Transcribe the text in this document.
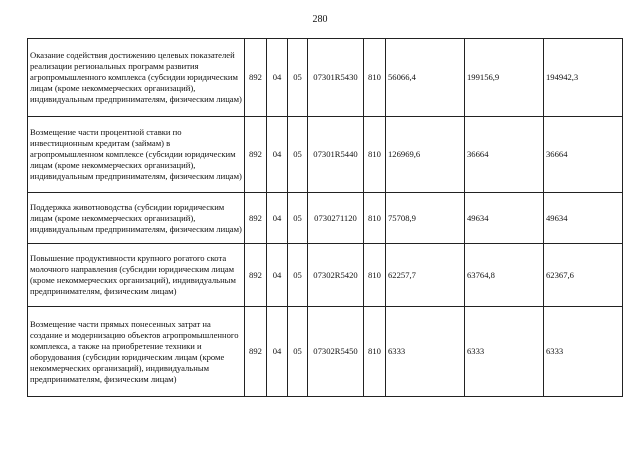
280
Оказание содействия достижению целевых показателей реализации региональных программ развития агропромышленного комплекса (субсидии юридическим лицам (кроме некоммерческих организаций), индивидуальным предпринимателям, физическим лицам)	892	04	05	07301R5430	810	56066,4	199156,9	194942,3
Возмещение части процентной ставки по инвестиционным кредитам (займам) в агропромышленном комплексе (субсидии юридическим лицам (кроме некоммерческих организаций), индивидуальным предпринимателям, физическим лицам)	892	04	05	07301R5440	810	126969,6	36664	36664
Поддержка животноводства (субсидии юридическим лицам (кроме некоммерческих организаций), индивидуальным предпринимателям, физическим лицам)	892	04	05	0730271120	810	75708,9	49634	49634
Повышение продуктивности крупного рогатого скота молочного направления (субсидии юридическим лицам (кроме некоммерческих организаций), индивидуальным предпринимателям, физическим лицам)	892	04	05	07302R5420	810	62257,7	63764,8	62367,6
Возмещение части прямых понесенных затрат на создание и модернизацию объектов агропромышленного комплекса, а также на приобретение техники и оборудования (субсидии юридическим лицам (кроме некоммерческих организаций), индивидуальным предпринимателям, физическим лицам)	892	04	05	07302R5450	810	6333	6333	6333
